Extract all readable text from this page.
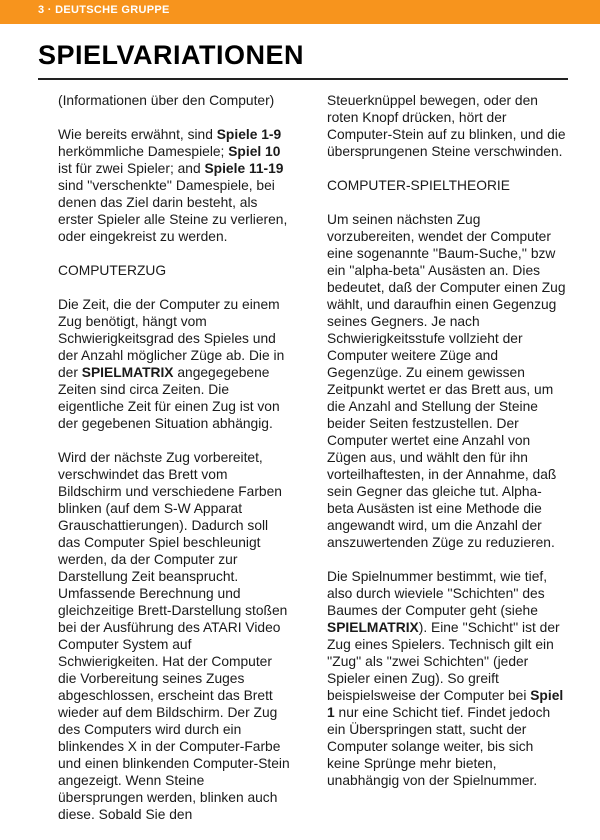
3 · DEUTSCHE GRUPPE
SPIELVARIATIONEN
(Informationen über den Computer)

Wie bereits erwähnt, sind Spiele 1-9 herkömmliche Damespiele; Spiel 10 ist für zwei Spieler; and Spiele 11-19 sind ''verschenkte'' Damespiele, bei denen das Ziel darin besteht, als erster Spieler alle Steine zu verlieren, oder eingekreist zu werden.

COMPUTERZUG

Die Zeit, die der Computer zu einem Zug benötigt, hängt vom Schwierigkeitsgrad des Spieles und der Anzahl möglicher Züge ab. Die in der SPIELMATRIX angegegebene Zeiten sind circa Zeiten. Die eigentliche Zeit für einen Zug ist von der gegebenen Situation abhängig.

Wird der nächste Zug vorbereitet, verschwindet das Brett vom Bildschirm und verschiedene Farben blinken (auf dem S-W Apparat Grauschattierungen). Dadurch soll das Computer Spiel beschleunigt werden, da der Computer zur Darstellung Zeit beansprucht. Umfassende Berechnung und gleichzeitige Brett-Darstellung stoßen bei der Ausführung des ATARI Video Computer System auf Schwierigkeiten. Hat der Computer die Vorbereitung seines Zuges abgeschlossen, erscheint das Brett wieder auf dem Bildschirm. Der Zug des Computers wird durch ein blinkendes X in der Computer-Farbe und einen blinkenden Computer-Stein angezeigt. Wenn Steine übersprungen werden, blinken auch diese. Sobald Sie den

Steuerknüppel bewegen, oder den roten Knopf drücken, hört der Computer-Stein auf zu blinken, und die übersprungenen Steine verschwinden.

COMPUTER-SPIELTHEORIE

Um seinen nächsten Zug vorzubereiten, wendet der Computer eine sogenannte ''Baum-Suche,'' bzw ein ''alpha-beta'' Ausästen an. Dies bedeutet, daß der Computer einen Zug wählt, und daraufhin einen Gegenzug seines Gegners. Je nach Schwierigkeitsstufe vollzieht der Computer weitere Züge and Gegenzüge. Zu einem gewissen Zeitpunkt wertet er das Brett aus, um die Anzahl and Stellung der Steine beider Seiten festzustellen. Der Computer wertet eine Anzahl von Zügen aus, und wählt den für ihn vorteilhaftesten, in der Annahme, daß sein Gegner das gleiche tut. Alpha-beta Ausästen ist eine Methode die angewandt wird, um die Anzahl der anszuwertenden Züge zu reduzieren.

Die Spielnummer bestimmt, wie tief, also durch wieviele ''Schichten'' des Baumes der Computer geht (siehe SPIELMATRIX). Eine ''Schicht'' ist der Zug eines Spielers. Technisch gilt ein ''Zug'' als ''zwei Schichten'' (jeder Spieler einen Zug). So greift beispielsweise der Computer bei Spiel 1 nur eine Schicht tief. Findet jedoch ein Überspringen statt, sucht der Computer solange weiter, bis sich keine Sprünge mehr bieten, unabhängig von der Spielnummer.
